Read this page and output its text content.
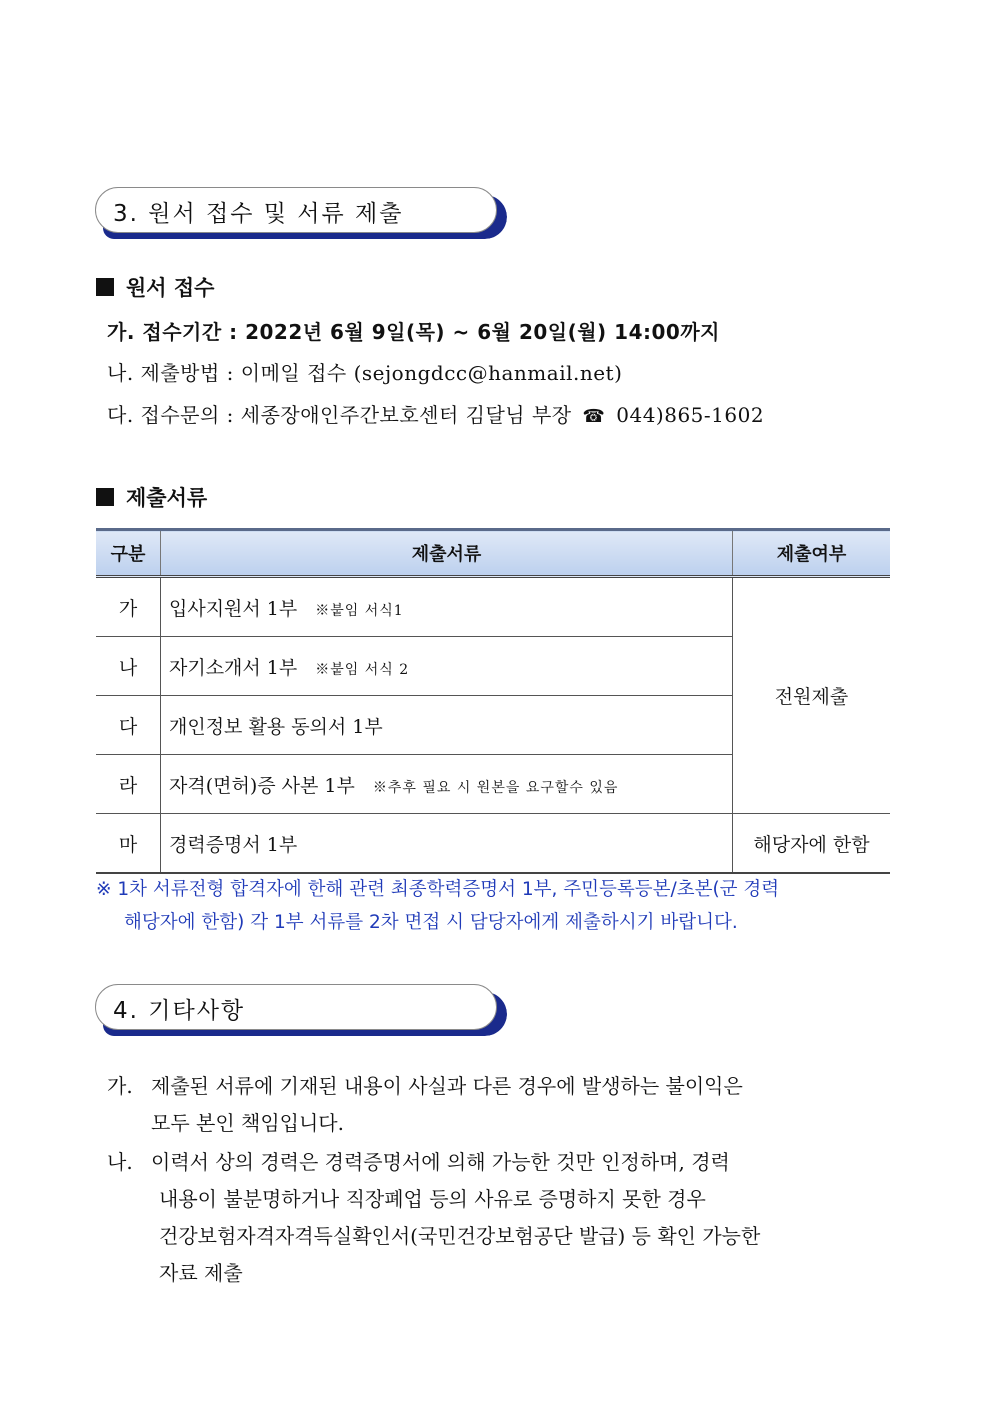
3. 원서 접수 및 서류 제출
원서 접수
가. 접수기간 : 2022년 6월 9일(목) ~ 6월 20일(월) 14:00까지
나. 제출방법 : 이메일 접수 (sejongdcc@hanmail.net)
다. 접수문의 : 세종장애인주간보호센터 김달님 부장 ☎ 044)865-1602
제출서류
구분	제출서류	제출여부
가	입사지원서 1부 ※붙임 서식1	전원제출
나	자기소개서 1부 ※붙임 서식 2	
다	개인정보 활용 동의서 1부	
라	자격(면허)증 사본 1부 ※추후 필요 시 원본을 요구할수 있음	
마	경력증명서 1부	해당자에 한함
※ 1차 서류전형 합격자에 한해 관련 최종학력증명서 1부, 주민등록등본/초본(군 경력
해당자에 한함) 각 1부 서류를 2차 면접 시 담당자에게 제출하시기 바랍니다.
4. 기타사항
가. 제출된 서류에 기재된 내용이 사실과 다른 경우에 발생하는 불이익은
모두 본인 책임입니다.
나. 이력서 상의 경력은 경력증명서에 의해 가능한 것만 인정하며, 경력
내용이 불분명하거나 직장폐업 등의 사유로 증명하지 못한 경우
건강보험자격자격득실확인서(국민건강보험공단 발급) 등 확인 가능한
자료 제출
